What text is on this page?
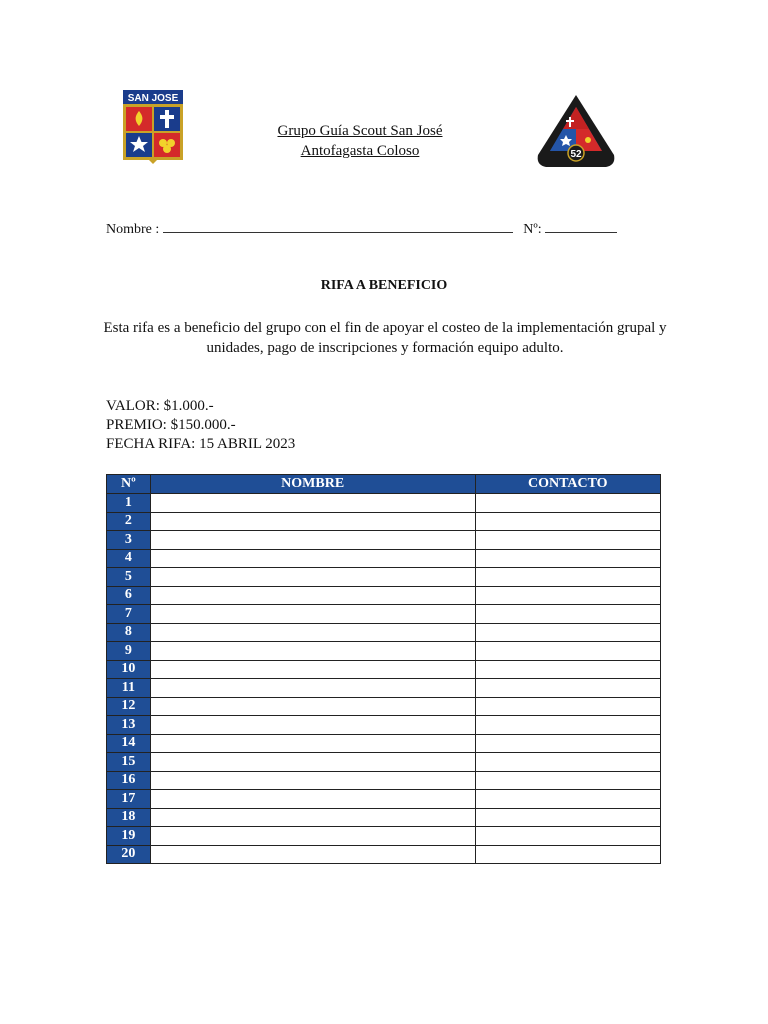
SAN JOSE
Grupo Guía Scout San José
Antofagasta Coloso	52
Nombre :	Nº:
RIFA A BENEFICIO
Esta rifa es a beneficio del grupo con el fin de apoyar el costeo de la implementación grupal y unidades, pago de inscripciones y formación equipo adulto.
VALOR: $1.000.-
PREMIO: $150.000.-
FECHA RIFA: 15 ABRIL 2023
Nº	NOMBRE	CONTACTO
1		
2		
3		
4		
5		
6		
7		
8		
9		
10		
11		
12		
13		
14		
15		
16		
17		
18		
19		
20		
